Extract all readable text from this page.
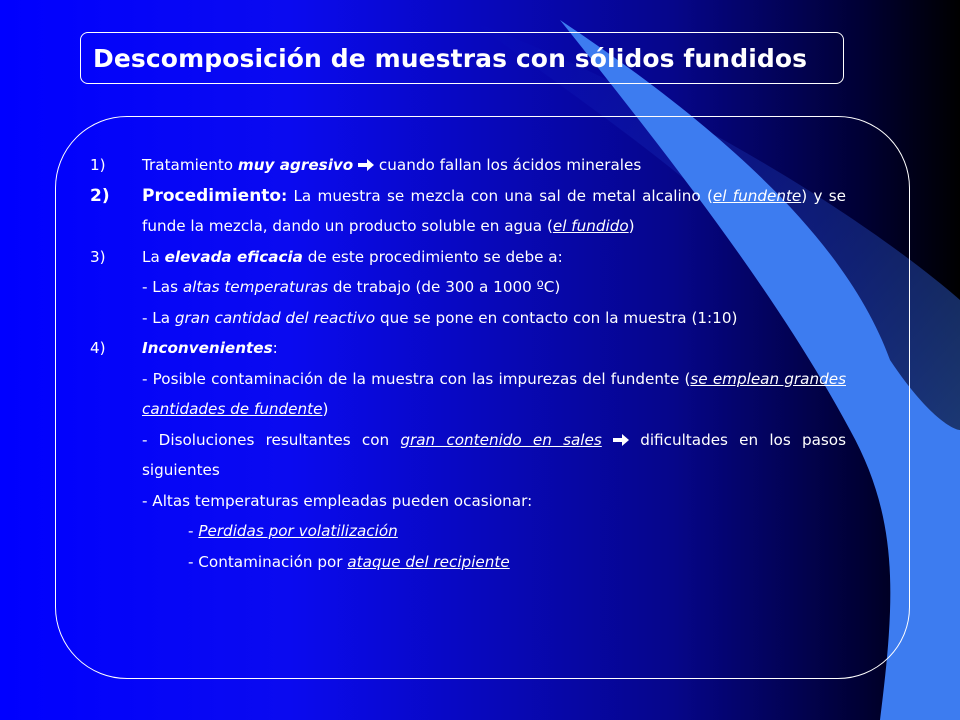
Descomposición de muestras con sólidos fundidos
1)	Tratamiento muy agresivo cuando fallan los ácidos minerales
2)	Procedimiento: La muestra se mezcla con una sal de metal alcalino (el fundente) y se funde la mezcla, dando un producto soluble en agua (el fundido)
3)	La elevada eficacia de este procedimiento se debe a:
- Las altas temperaturas de trabajo (de 300 a 1000 ºC)
- La gran cantidad del reactivo que se pone en contacto con la muestra (1:10)
4)	Inconvenientes:
- Posible contaminación de la muestra con las impurezas del fundente (se emplean grandes cantidades de fundente)
- Disoluciones resultantes con gran contenido en sales	dificultades en los pasos siguientes
- Altas temperaturas empleadas pueden ocasionar:
- Perdidas por volatilización
- Contaminación por ataque del recipiente
